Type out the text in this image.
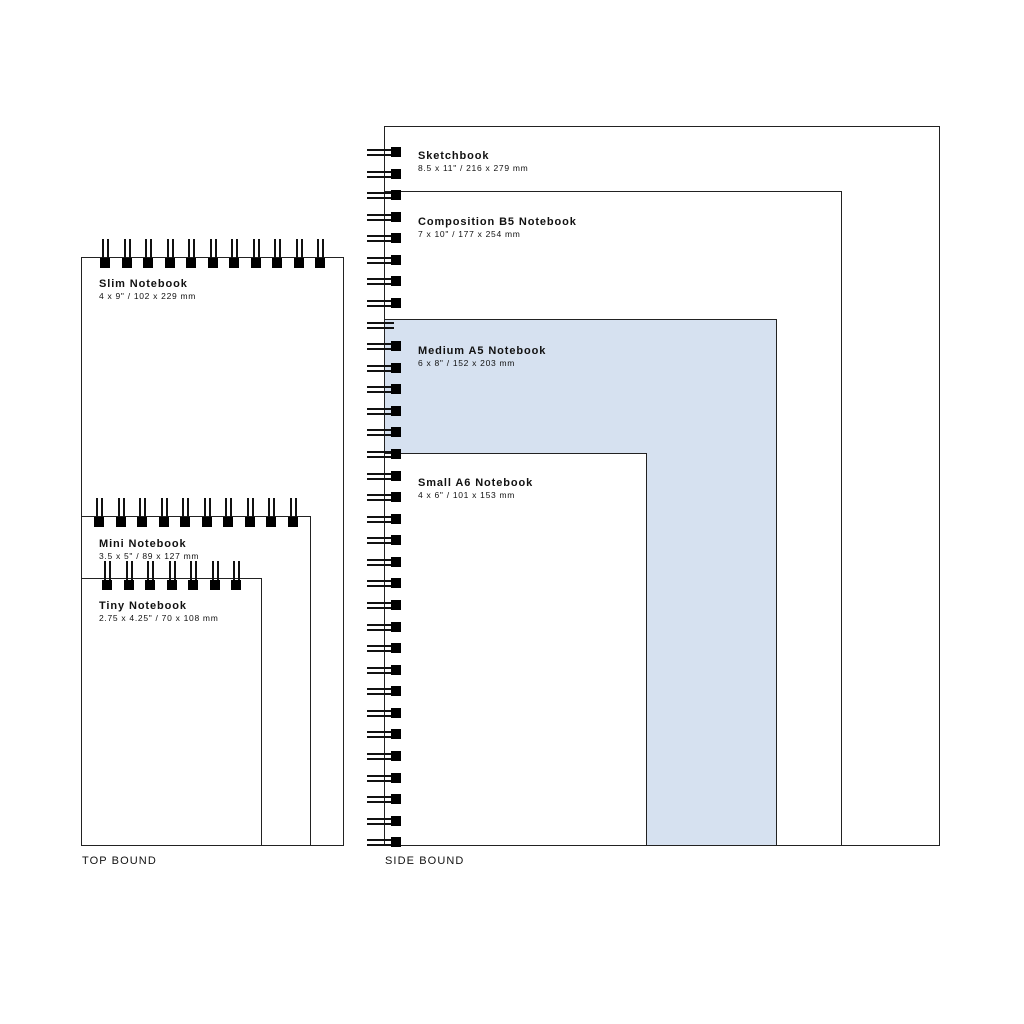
Slim Notebook
4 x 9" / 102 x 229 mm
Mini Notebook
3.5 x 5" / 89 x 127 mm
Tiny Notebook
2.75 x 4.25" / 70 x 108 mm
TOP BOUND
Sketchbook
8.5 x 11" / 216 x 279 mm
Composition B5 Notebook
7 x 10" / 177 x 254 mm
Medium A5 Notebook
6 x 8" / 152 x 203 mm
Small A6 Notebook
4 x 6" / 101 x 153 mm
SIDE BOUND
